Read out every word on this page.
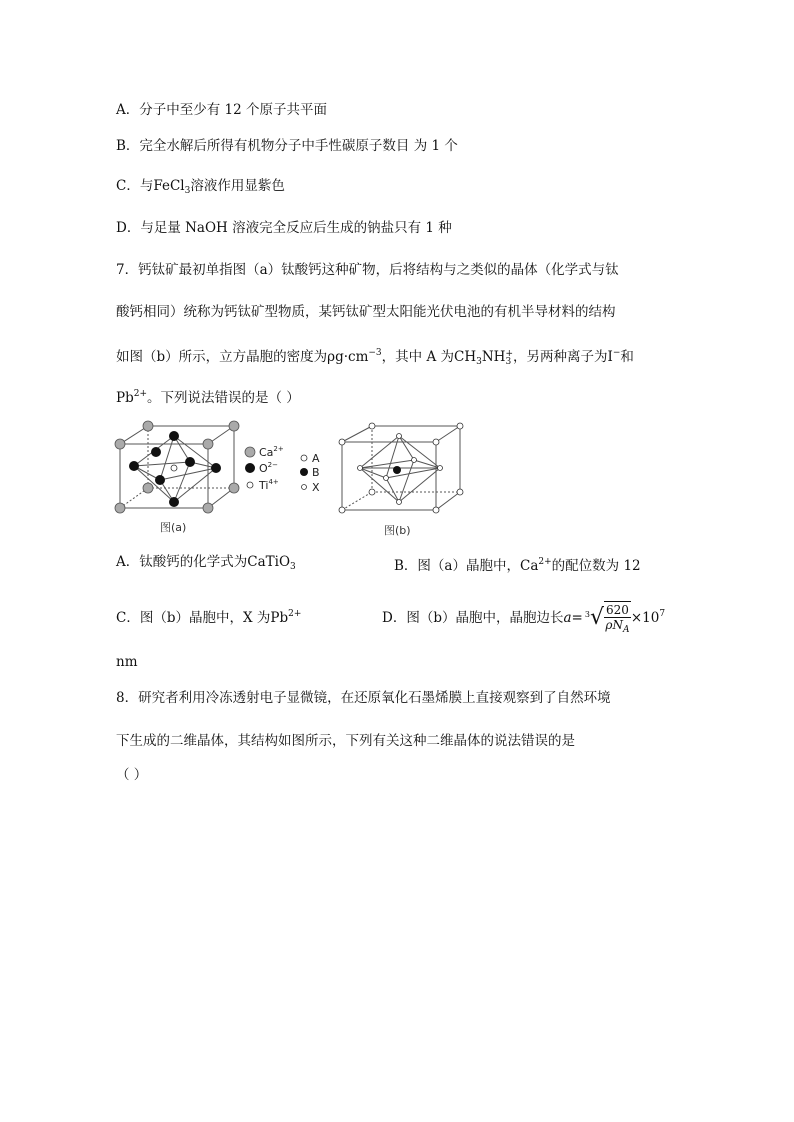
A．分子中至少有 12 个原子共平面
B．完全水解后所得有机物分子中手性碳原子数目 为 1 个
C．与FeCl$_3$溶液作用显紫色
D．与足量 NaOH 溶液完全反应后生成的钠盐只有 1 种
7．钙钛矿最初单指图（a）钛酸钙这种矿物，后将结构与之类似的晶体（化学式与钛
酸钙相同）统称为钙钛矿型物质，某钙钛矿型太阳能光伏电池的有机半导材料的结构
如图（b）所示，立方晶胞的密度为$\rho g\cdot cm^{-3}$，其中 A 为$CH_3NH$ +
3 ，另两种离子为I−和
$Pb^{2+}$。下列说法错误的是（ ）
图(a)
$Ca^{2+}$
$O^{2-}$
$Ti^{4+}$
A
B
X
图(b)
A．钛酸钙的化学式为CaTiO$_3$	B．图（a）晶胞中，$Ca^{2+}$的配位数为 12
C．图（b）晶胞中，X 为$Pb^{2+}$	D．图（b）晶胞中，晶胞边长$a= ^3√ \frac{620}{\rho N_A} \times 10^7$
nm
8．研究者利用冷冻透射电子显微镜，在还原氧化石墨烯膜上直接观察到了自然环境
下生成的二维晶体，其结构如图所示，下列有关这种二维晶体的说法错误的是
（ ）
